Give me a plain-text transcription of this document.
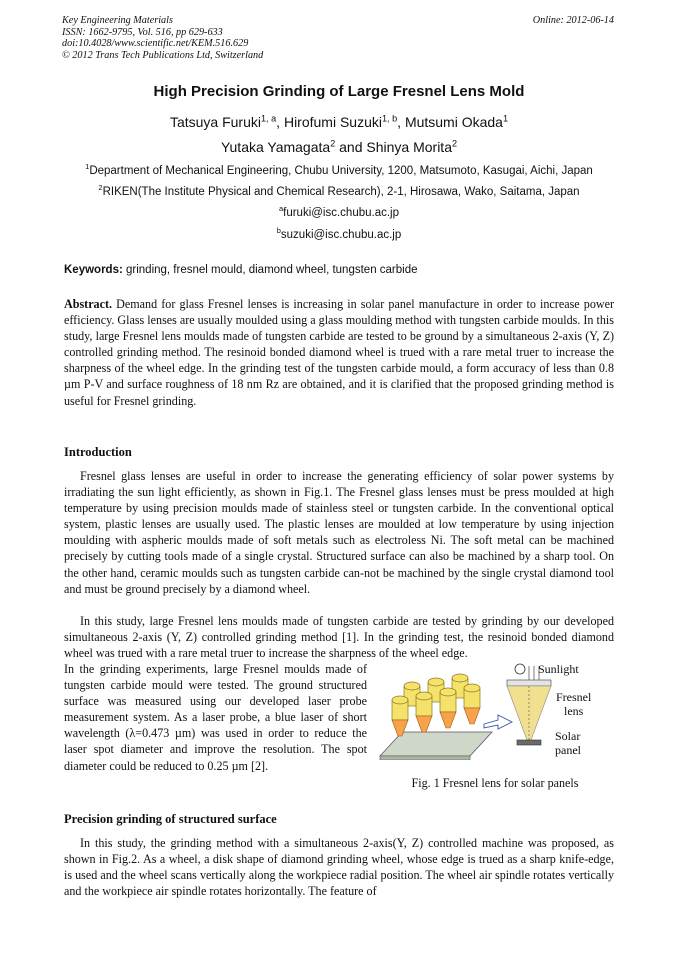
Key Engineering Materials
ISSN: 1662-9795, Vol. 516, pp 629-633
doi:10.4028/www.scientific.net/KEM.516.629
© 2012 Trans Tech Publications Ltd, Switzerland
Online: 2012-06-14
High Precision Grinding of Large Fresnel Lens Mold
Tatsuya Furuki$^{1, a}$, Hirofumi Suzuki$^{1, b}$, Mutsumi Okada$^1$
Yutaka Yamagata$^2$ and Shinya Morita$^2$
$^1$Department of Mechanical Engineering, Chubu University, 1200, Matsumoto, Kasugai, Aichi, Japan
$^2$RIKEN(The Institute Physical and Chemical Research), 2-1, Hirosawa, Wako, Saitama, Japan
$^a$furuki@isc.chubu.ac.jp
$^b$suzuki@isc.chubu.ac.jp
Keywords: grinding, fresnel mould, diamond wheel, tungsten carbide
Abstract. Demand for glass Fresnel lenses is increasing in solar panel manufacture in order to increase power efficiency. Glass lenses are usually moulded using a glass moulding method with tungsten carbide moulds. In this study, large Fresnel lens moulds made of tungsten carbide are tested to be ground by a simultaneous 2-axis (Y, Z) controlled grinding method. The resinoid bonded diamond wheel is trued with a rare metal truer to increase the sharpness of the wheel edge. In the grinding test of the tungsten carbide mould, a form accuracy of less than 0.8 µm P-V and surface roughness of 18 nm Rz are obtained, and it is clarified that the proposed grinding method is useful for Fresnel grinding.
Introduction
Fresnel glass lenses are useful in order to increase the generating efficiency of solar power systems by irradiating the sun light efficiently, as shown in Fig.1. The Fresnel glass lenses must be press moulded at high temperature by using precision moulds made of stainless steel or tungsten carbide. In the conventional optical system, plastic lenses are usually used. The plastic lenses are moulded at low temperature by using injection moulding with aspheric moulds made of soft metals such as electroless Ni. The soft metal can be machined precisely by cutting tools made of a single crystal. Structured surface can also be machined by a sharp tool. On the other hand, ceramic moulds such as tungsten carbide can-not be machined by the single crystal diamond tool and must be ground precisely by a diamond wheel.
In this study, large Fresnel lens moulds made of tungsten carbide are tested by grinding by our developed simultaneous 2-axis (Y, Z) controlled grinding method [1]. In the grinding test, the resinoid bonded diamond wheel was trued with a rare metal truer to increase the sharpness of the wheel edge.
In the grinding experiments, large Fresnel moulds made of tungsten carbide mould were tested. The ground structured surface was measured using our developed laser probe measurement system. As a laser probe, a blue laser of short wavelength (λ=0.473 µm) was used in order to reduce the laser spot diameter and improve the resolution. The spot diameter could be reduced to 0.25 µm [2].
Sunlight
Fresnel
lens
Solar
panel
Fig. 1 Fresnel lens for solar panels
Precision grinding of structured surface
In this study, the grinding method with a simultaneous 2-axis(Y, Z) controlled machine was proposed, as shown in Fig.2. As a wheel, a disk shape of diamond grinding wheel, whose edge is trued as a sharp knife-edge, is used and the wheel scans vertically along the workpiece radial position. The wheel air spindle rotates vertically and the workpiece air spindle rotates horizontally. The feature of
